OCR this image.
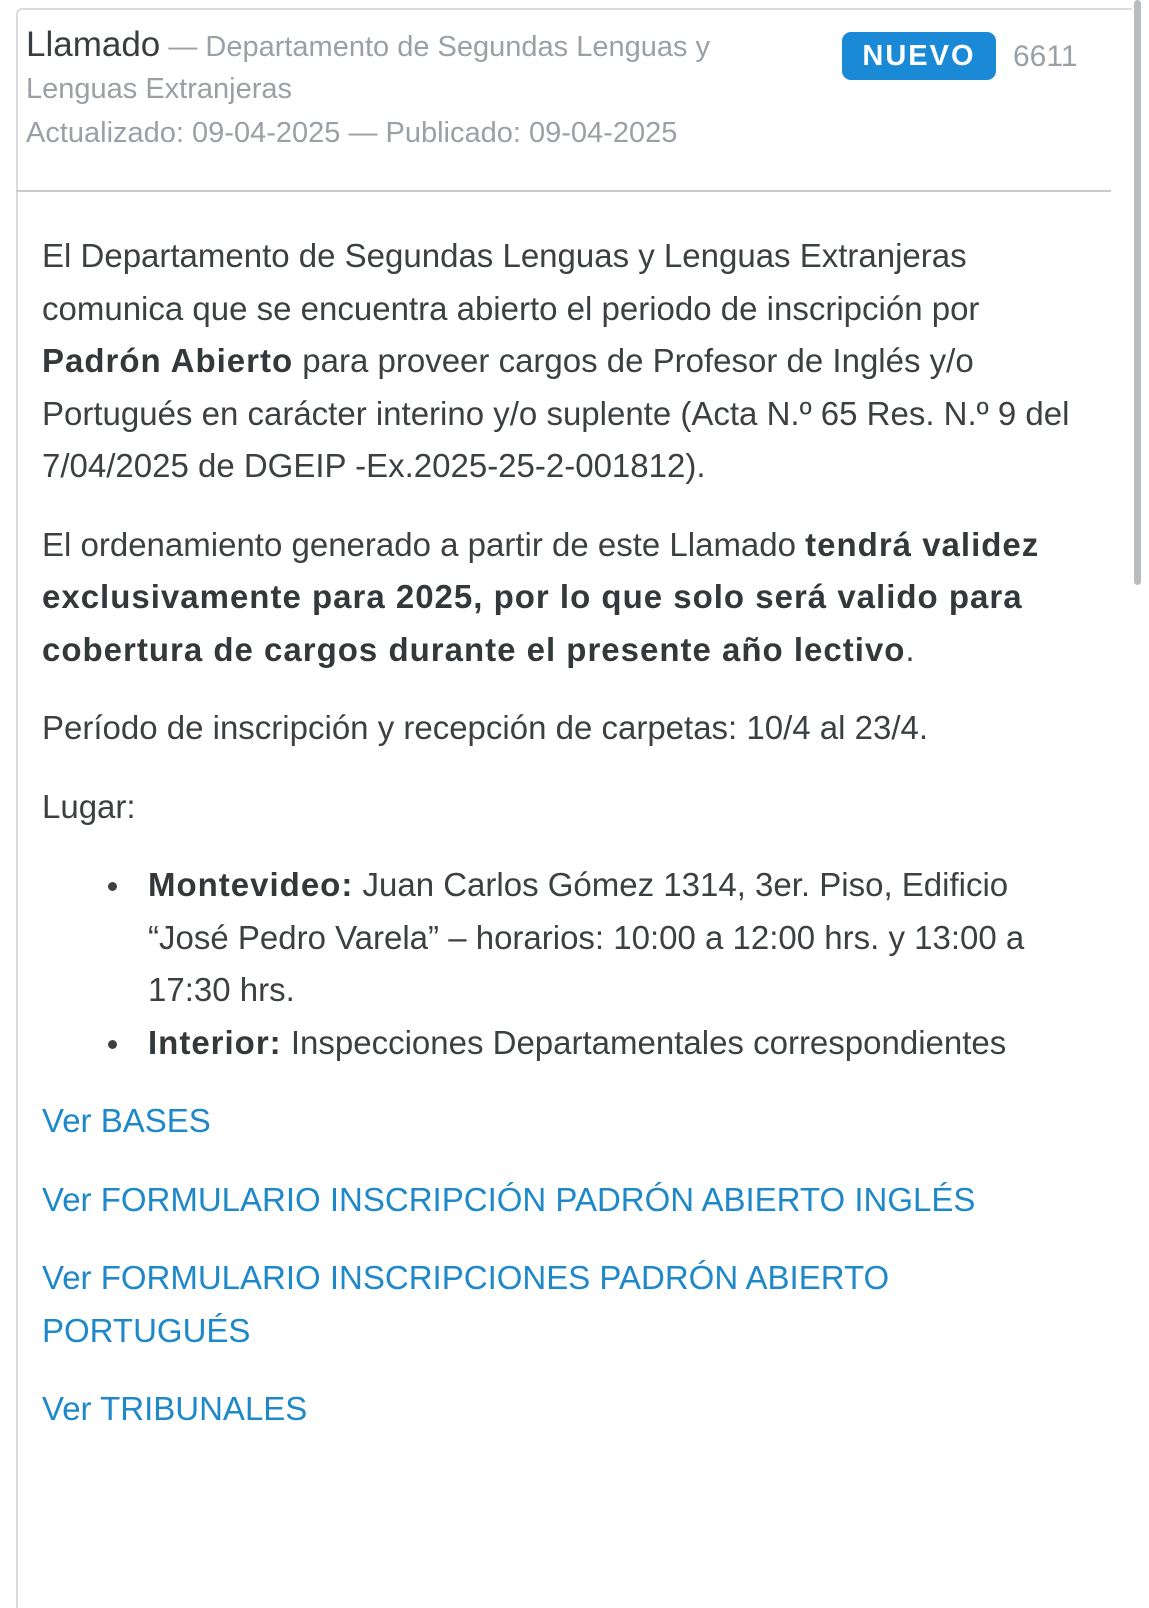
Llamado — Departamento de Segundas Lenguas y Lenguas Extranjeras
Actualizado: 09-04-2025 — Publicado: 09-04-2025
NUEVO	6611

El Departamento de Segundas Lenguas y Lenguas Extranjeras comunica que se encuentra abierto el periodo de inscripción por Padrón Abierto para proveer cargos de Profesor de Inglés y/o Portugués en carácter interino y/o suplente (Acta N.º 65 Res. N.º 9 del 7/04/2025 de DGEIP -Ex.2025-25-2-001812).

El ordenamiento generado a partir de este Llamado tendrá validez exclusivamente para 2025, por lo que solo será valido para cobertura de cargos durante el presente año lectivo.

Período de inscripción y recepción de carpetas: 10/4 al 23/4.

Lugar:

Montevideo: Juan Carlos Gómez 1314, 3er. Piso, Edificio “José Pedro Varela” – horarios: 10:00 a 12:00 hrs. y 13:00 a 17:30 hrs.
Interior: Inspecciones Departamentales correspondientes
Ver BASES
Ver FORMULARIO INSCRIPCIÓN PADRÓN ABIERTO INGLÉS
Ver FORMULARIO INSCRIPCIONES PADRÓN ABIERTO PORTUGUÉS
Ver TRIBUNALES
